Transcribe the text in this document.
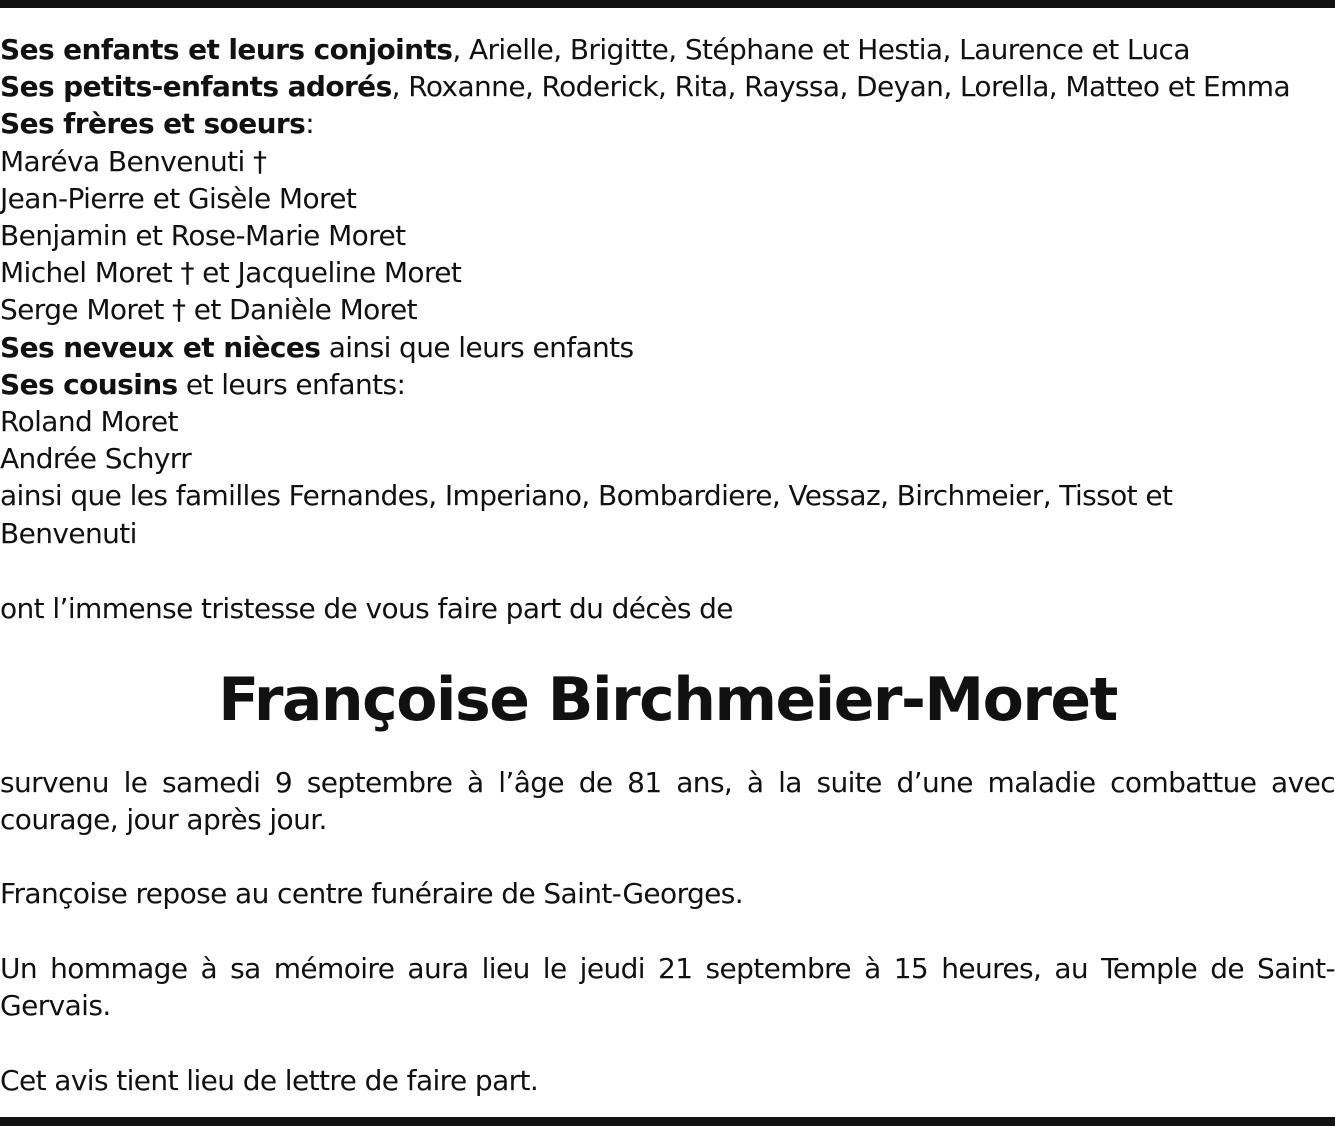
Ses enfants et leurs conjoints, Arielle, Brigitte, Stéphane et Hestia, Laurence et Luca
Ses petits-enfants adorés, Roxanne, Roderick, Rita, Rayssa, Deyan, Lorella, Matteo et Emma
Ses frères et soeurs:
Maréva Benvenuti †
Jean-Pierre et Gisèle Moret
Benjamin et Rose-Marie Moret
Michel Moret † et Jacqueline Moret
Serge Moret † et Danièle Moret
Ses neveux et nièces ainsi que leurs enfants
Ses cousins et leurs enfants:
Roland Moret
Andrée Schyrr
ainsi que les familles Fernandes, Imperiano, Bombardiere, Vessaz, Birchmeier, Tissot et
Benvenuti
ont l’immense tristesse de vous faire part du décès de
Françoise Birchmeier-Moret
survenu le samedi 9 septembre à l’âge de 81 ans, à la suite d’une maladie combattue avec courage, jour après jour.
Françoise repose au centre funéraire de Saint-Georges.
Un hommage à sa mémoire aura lieu le jeudi 21 septembre à 15 heures, au Temple de Saint-Gervais.
Cet avis tient lieu de lettre de faire part.
